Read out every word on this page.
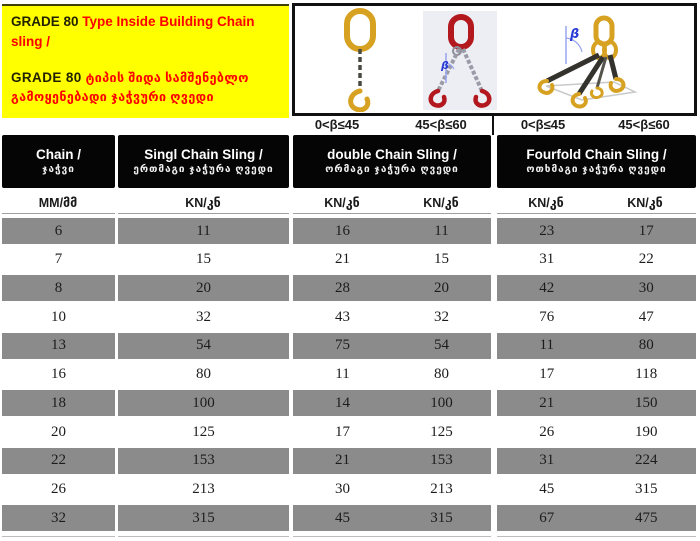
GRADE 80 Type Inside Building Chain sling /

GRADE 80 ტიპის შიდა სამშენებლო გამოყენებადი ჯაჭვური ღვედი

β
β
0<β≤45	45<β≤60	0<β≤45	45<β≤60
Chain /
ჯაჭვი
Singl Chain Sling /
ერთმაგი ჯაჭურა ღვედი
double Chain Sling /
ორმაგი ჯაჭურა ღვედი
Fourfold Chain Sling /
ოთხმაგი ჯაჭურა ღვედი
MM/მმ	KN/კნ	KN/კნ	KN/კნ	KN/კნ	KN/კნ
6	11	16	11	23	17
7	15	21	15	31	22
8	20	28	20	42	30
10	32	43	32	76	47
13	54	75	54	11	80
16	80	11	80	17	118
18	100	14	100	21	150
20	125	17	125	26	190
22	153	21	153	31	224
26	213	30	213	45	315
32	315	45	315	67	475
